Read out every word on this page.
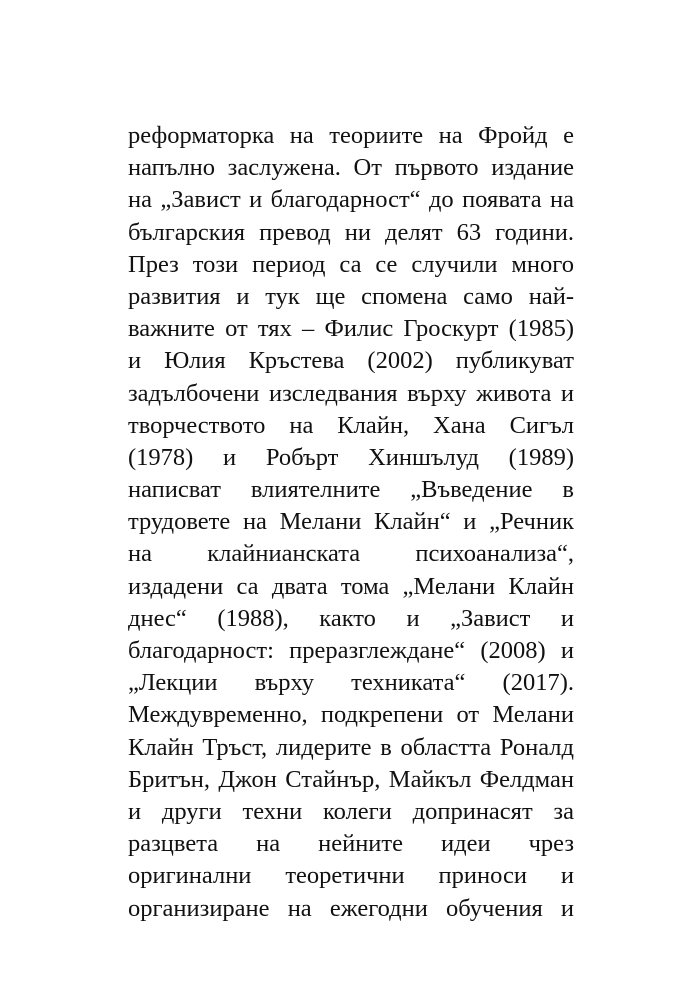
реформаторка на теориите на Фройд е
напълно заслужена. От първото издание
на „Завист и благодарност“ до появата на
българския превод ни делят 63 години.
През този период са се случили много
развития и тук ще спомена само най-
важните от тях – Филис Гроскурт (1985)
и Юлия Кръстева (2002) публикуват
задълбочени изследвания върху живота и
творчеството на Клайн, Хана Сигъл
(1978) и Робърт Хиншълуд (1989)
написват влиятелните „Въведение в
трудовете на Мелани Клайн“ и „Речник
на клайнианската психоанализа“,
издадени са двата тома „Мелани Клайн
днес“ (1988), както и „Завист и
благодарност: преразглеждане“ (2008) и
„Лекции върху техниката“ (2017).
Междувременно, подкрепени от Мелани
Клайн Тръст, лидерите в областта Роналд
Бритън, Джон Стайнър, Майкъл Фелдман
и други техни колеги допринасят за
разцвета на нейните идеи чрез
оригинални теоретични приноси и
организиране на ежегодни обучения и
